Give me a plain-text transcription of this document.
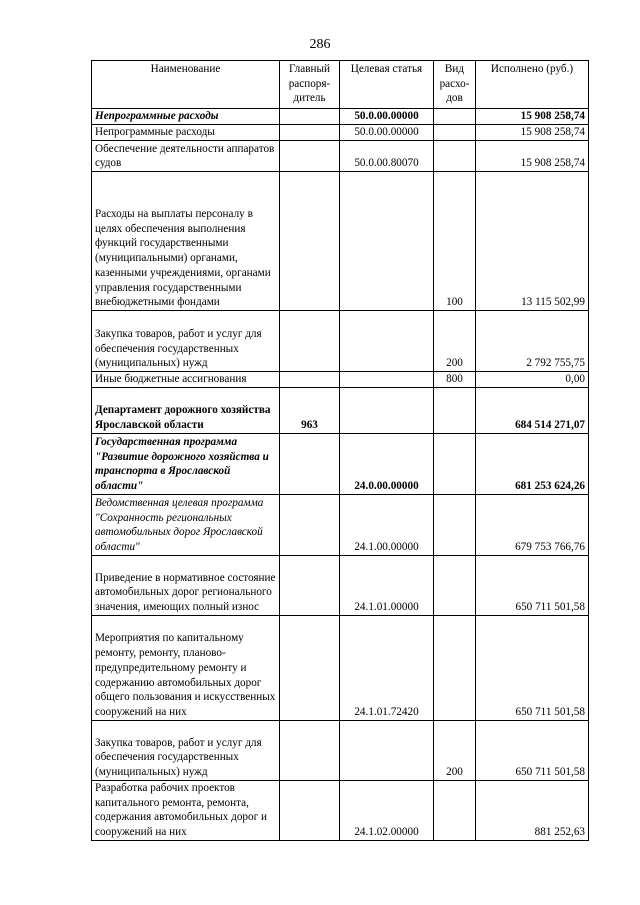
286
Наименование	Главный распоря-дитель	Целевая статья	Вид расхо-дов	Исполнено (руб.)
Непрограммные расходы		50.0.00.00000		15 908 258,74
Непрограммные расходы		50.0.00.00000		15 908 258,74
Обеспечение деятельности аппаратов судов		50.0.00.80070		15 908 258,74
Расходы на выплаты персоналу в целях обеспечения выполнения функций государственными (муниципальными) органами, казенными учреждениями, органами управления государственными внебюджетными фондами			100	13 115 502,99
Закупка товаров, работ и услуг для обеспечения государственных (муниципальных) нужд			200	2 792 755,75
Иные бюджетные ассигнования			800	0,00
Департамент дорожного хозяйства Ярославской области	963			684 514 271,07
Государственная программа "Развитие дорожного хозяйства и транспорта в Ярославской области"		24.0.00.00000		681 253 624,26
Ведомственная целевая программа "Сохранность региональных автомобильных дорог Ярославской области"		24.1.00.00000		679 753 766,76
Приведение в нормативное состояние автомобильных дорог регионального значения, имеющих полный износ		24.1.01.00000		650 711 501,58
Мероприятия по капитальному ремонту, ремонту, планово-предупредительному ремонту и содержанию автомобильных дорог общего пользования и искусственных сооружений на них		24.1.01.72420		650 711 501,58
Закупка товаров, работ и услуг для обеспечения государственных (муниципальных) нужд			200	650 711 501,58
Разработка рабочих проектов капитального ремонта, ремонта, содержания автомобильных дорог и сооружений на них		24.1.02.00000		881 252,63
